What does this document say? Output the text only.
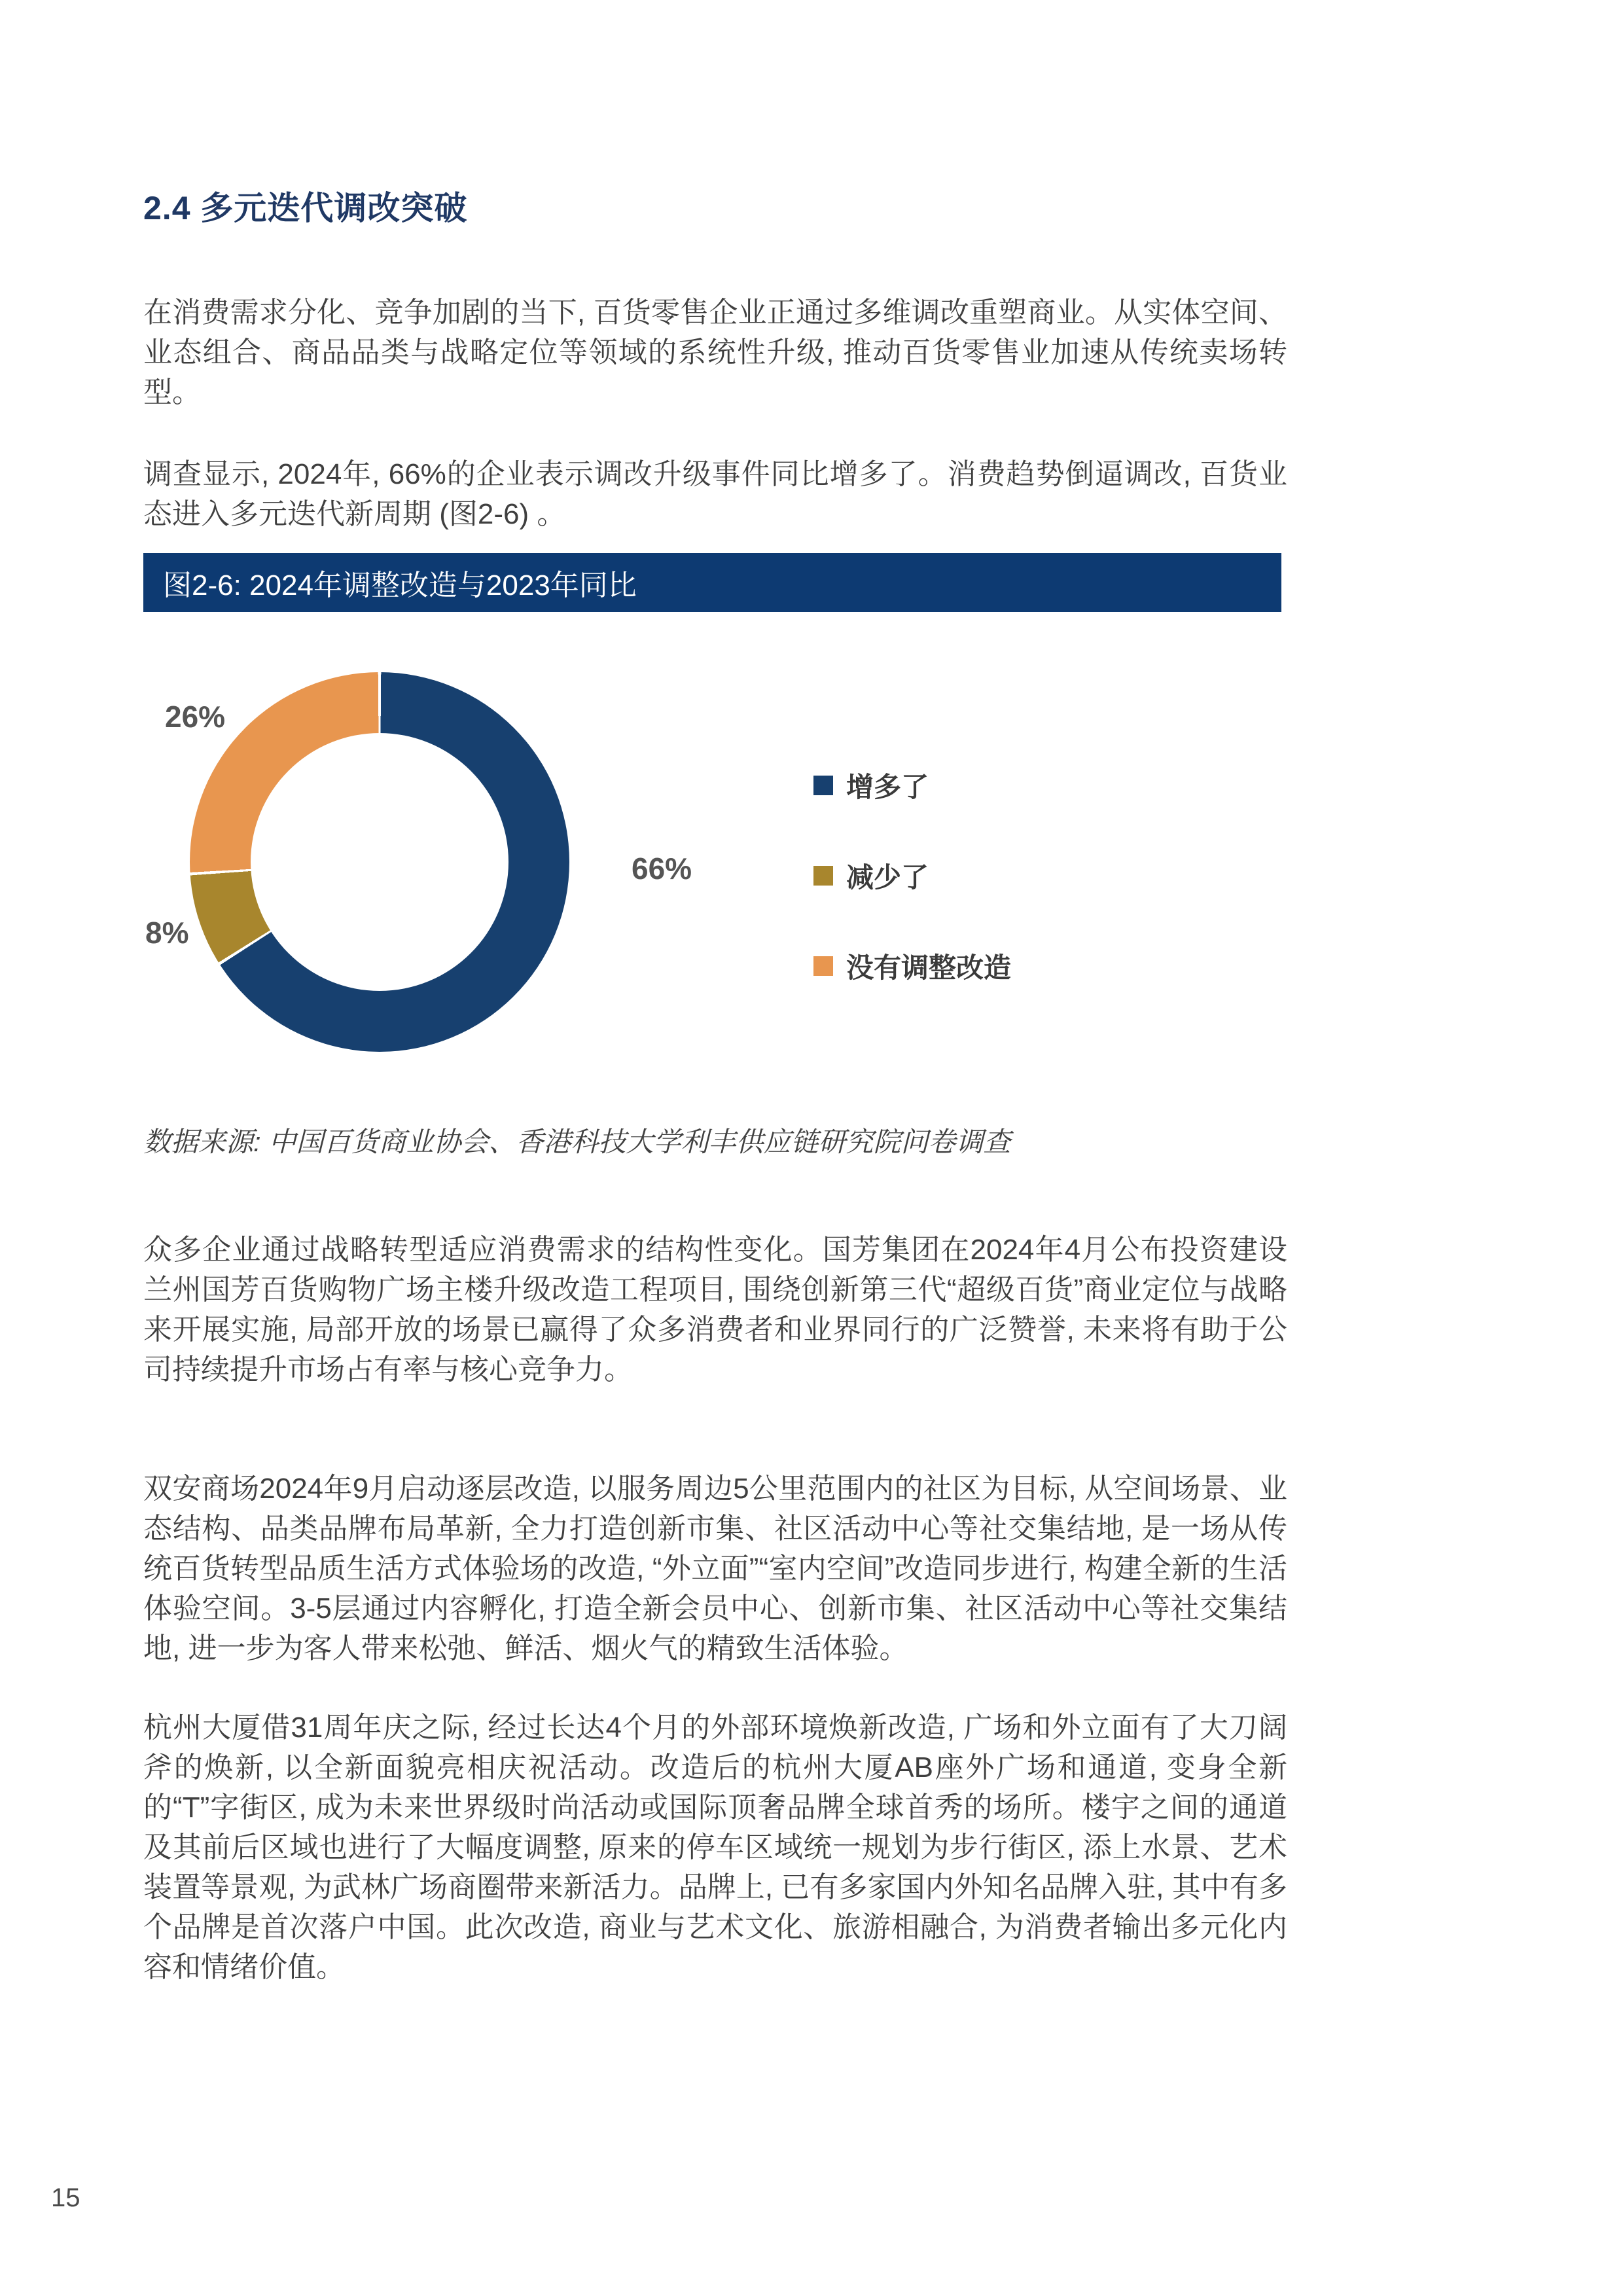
2.4 多元迭代调改突破

在消费需求分化、竞争加剧的当下, 百货零售企业正通过多维调改重塑商业。从实体空间、业态组合、商品品类与战略定位等领域的系统性升级, 推动百货零售业加速从传统卖场转型。

调查显示, 2024年, 66%的企业表示调改升级事件同比增多了。消费趋势倒逼调改, 百货业态进入多元迭代新周期 (图2-6) 。

图2-6: 2024年调整改造与2023年同比
26%
8%
66%
增多了
减少了
没有调整改造
数据来源: 中国百货商业协会、香港科技大学利丰供应链研究院问卷调查

众多企业通过战略转型适应消费需求的结构性变化。国芳集团在2024年4月公布投资建设兰州国芳百货购物广场主楼升级改造工程项目, 围绕创新第三代“超级百货”商业定位与战略来开展实施, 局部开放的场景已赢得了众多消费者和业界同行的广泛赞誉, 未来将有助于公司持续提升市场占有率与核心竞争力。

双安商场2024年9月启动逐层改造, 以服务周边5公里范围内的社区为目标, 从空间场景、业态结构、品类品牌布局革新, 全力打造创新市集、社区活动中心等社交集结地, 是一场从传统百货转型品质生活方式体验场的改造, “外立面”“室内空间”改造同步进行, 构建全新的生活体验空间。3-5层通过内容孵化, 打造全新会员中心、创新市集、社区活动中心等社交集结地, 进一步为客人带来松弛、鲜活、烟火气的精致生活体验。

杭州大厦借31周年庆之际, 经过长达4个月的外部环境焕新改造, 广场和外立面有了大刀阔斧的焕新, 以全新面貌亮相庆祝活动。改造后的杭州大厦AB座外广场和通道, 变身全新的“T”字街区, 成为未来世界级时尚活动或国际顶奢品牌全球首秀的场所。楼宇之间的通道及其前后区域也进行了大幅度调整, 原来的停车区域统一规划为步行街区, 添上水景、艺术装置等景观, 为武林广场商圈带来新活力。品牌上, 已有多家国内外知名品牌入驻, 其中有多个品牌是首次落户中国。此次改造, 商业与艺术文化、旅游相融合, 为消费者输出多元化内容和情绪价值。

15
